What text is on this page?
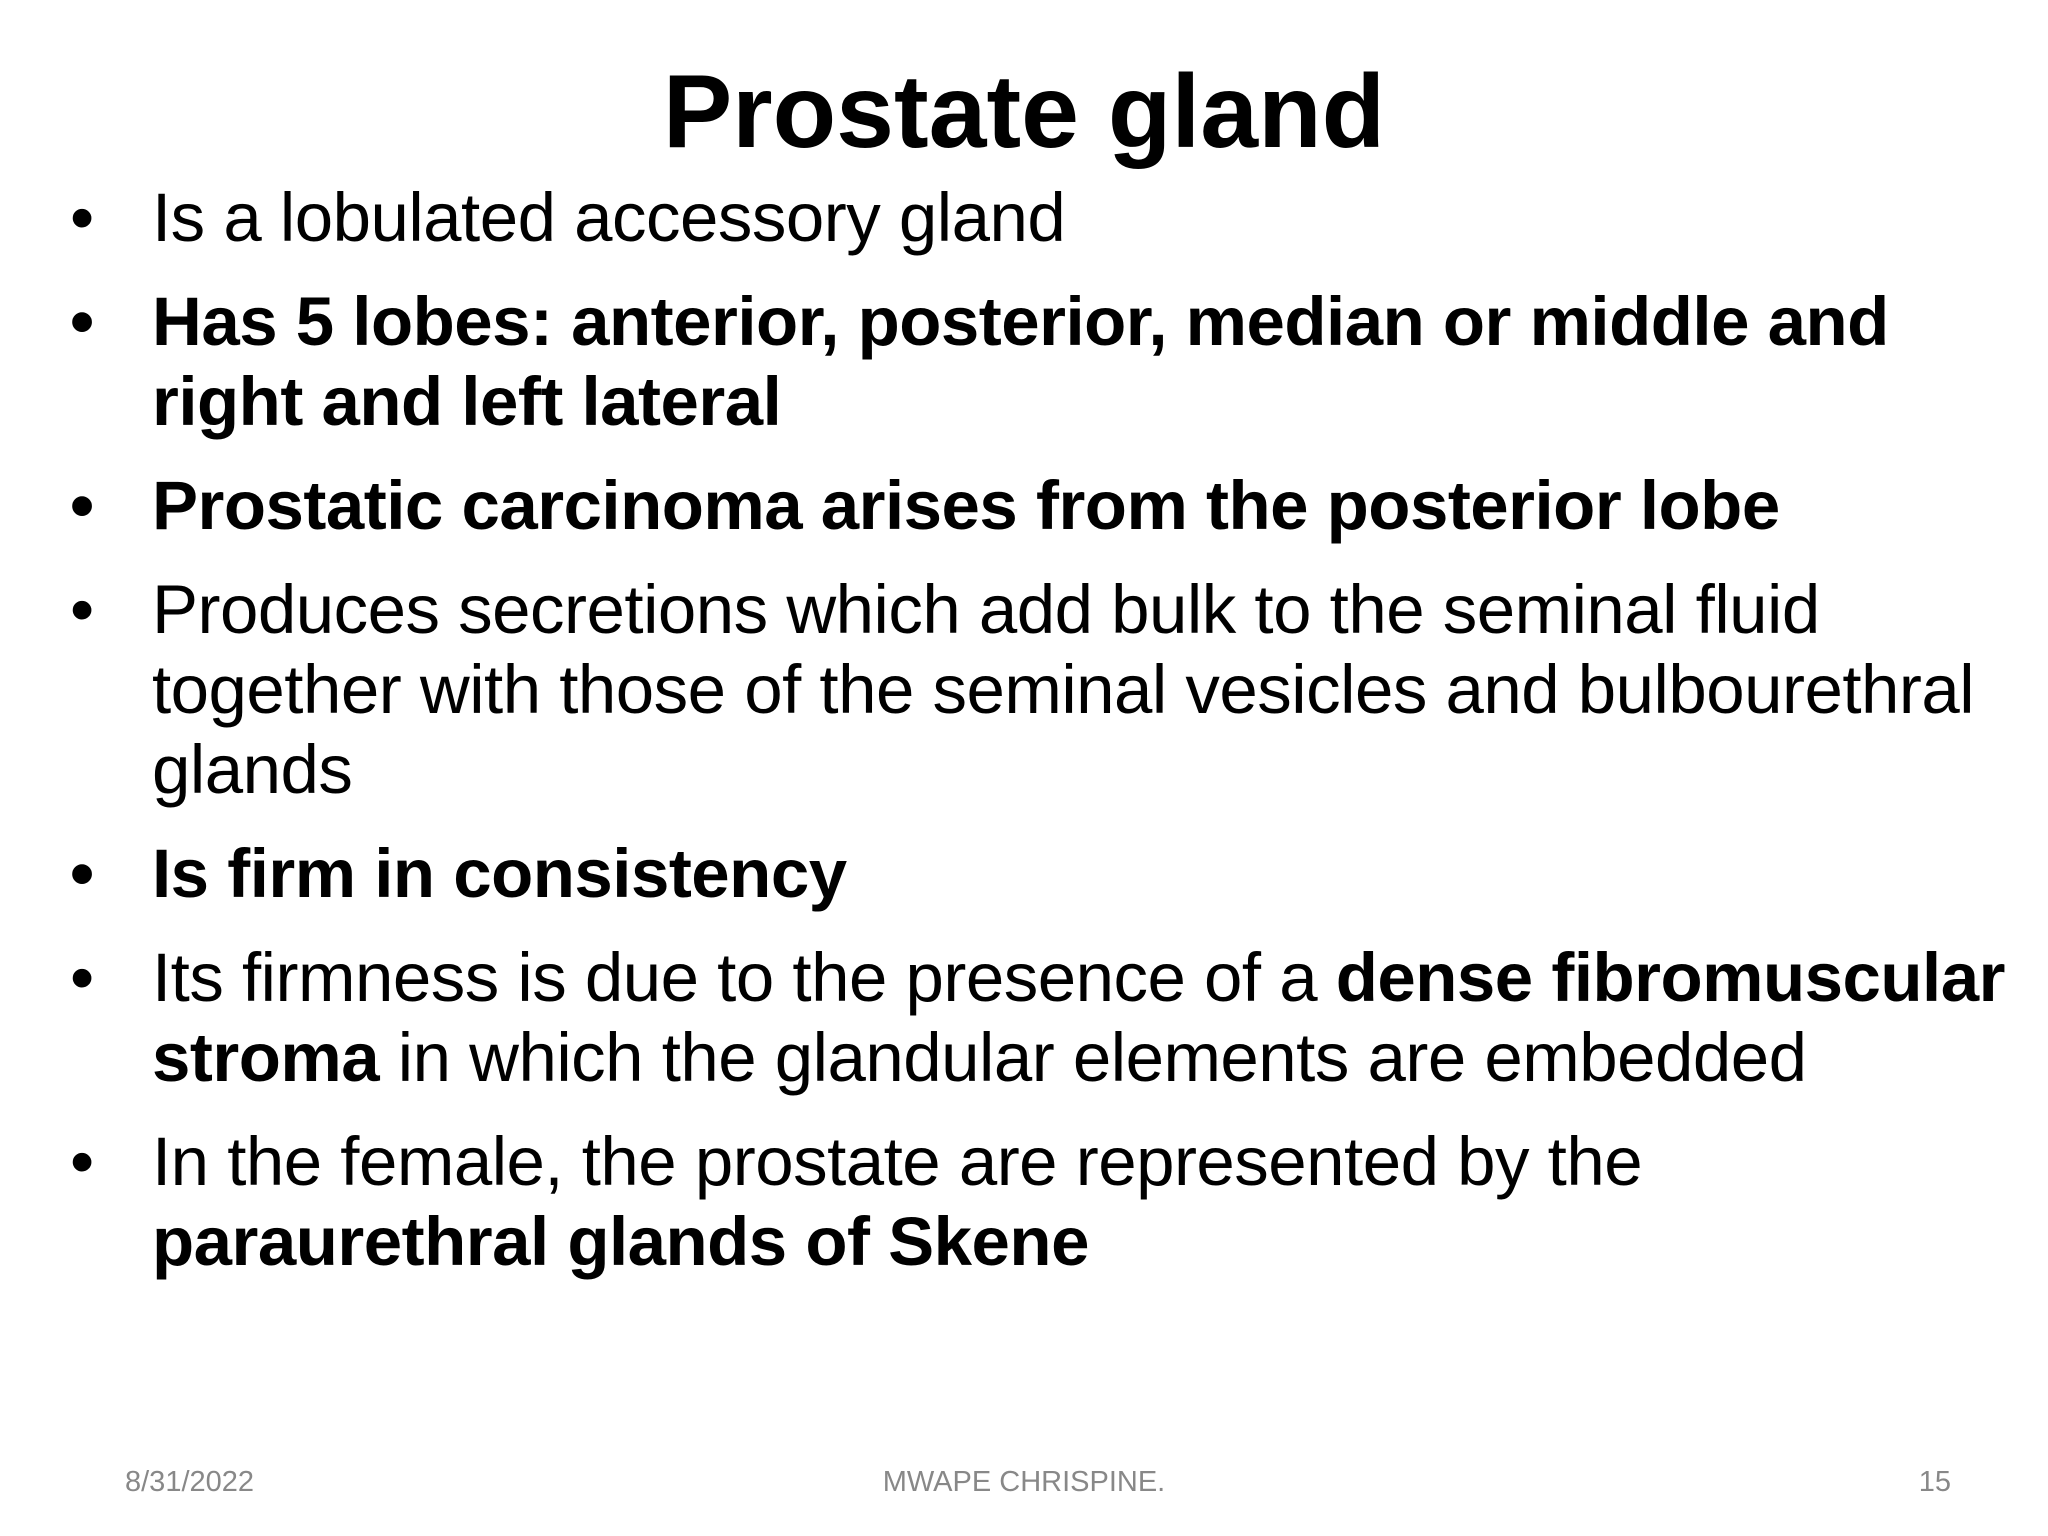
Prostate gland
• Is a lobulated accessory gland
• Has 5 lobes: anterior, posterior, median or middle and right and left lateral
• Prostatic carcinoma arises from the posterior lobe
• Produces secretions which add bulk to the seminal fluid together with those of the seminal vesicles and bulbourethral glands
• Is firm in consistency
• Its firmness is due to the presence of a dense fibromuscular stroma in which the glandular elements are embedded
• In the female, the prostate are represented by the paraurethral glands of Skene
8/31/2022	MWAPE CHRISPINE.	15
